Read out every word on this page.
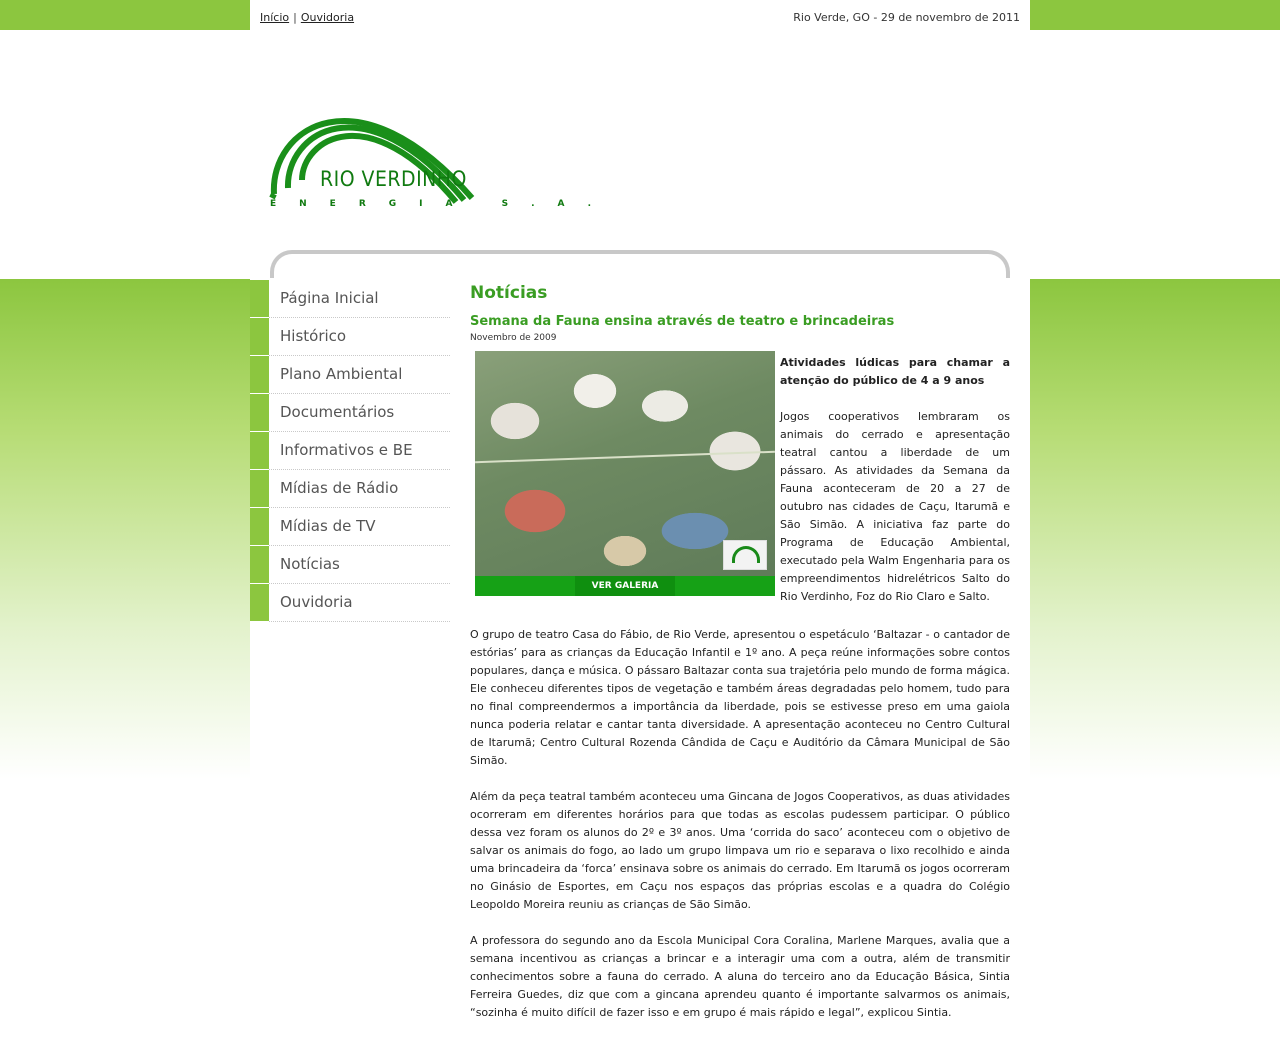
Início | Ouvidoria	Rio Verde, GO - 29 de novembro de 2011
RIO VERDINHO
ENERGIA S.A.
Página Inicial
Histórico
Plano Ambiental
Documentários
Informativos e BE
Mídias de Rádio
Mídias de TV
Notícias
Ouvidoria
Notícias
Semana da Fauna ensina através de teatro e brincadeiras
Novembro de 2009
VER GALERIA
Atividades lúdicas para chamar a atenção do público de 4 a 9 anos
Jogos cooperativos lembraram os animais do cerrado e apresentação teatral cantou a liberdade de um pássaro. As atividades da Semana da Fauna aconteceram de 20 a 27 de outubro nas cidades de Caçu, Itarumã e São Simão. A iniciativa faz parte do Programa de Educação Ambiental, executado pela Walm Engenharia para os empreendimentos hidrelétricos Salto do Rio Verdinho, Foz do Rio Claro e Salto.

O grupo de teatro Casa do Fábio, de Rio Verde, apresentou o espetáculo ‘Baltazar - o cantador de estórias’ para as crianças da Educação Infantil e 1º ano. A peça reúne informações sobre contos populares, dança e música. O pássaro Baltazar conta sua trajetória pelo mundo de forma mágica. Ele conheceu diferentes tipos de vegetação e também áreas degradadas pelo homem, tudo para no final compreendermos a importância da liberdade, pois se estivesse preso em uma gaiola nunca poderia relatar e cantar tanta diversidade. A apresentação aconteceu no Centro Cultural de Itarumã; Centro Cultural Rozenda Cândida de Caçu e Auditório da Câmara Municipal de São Simão.

Além da peça teatral também aconteceu uma Gincana de Jogos Cooperativos, as duas atividades ocorreram em diferentes horários para que todas as escolas pudessem participar. O público dessa vez foram os alunos do 2º e 3º anos. Uma ‘corrida do saco’ aconteceu com o objetivo de salvar os animais do fogo, ao lado um grupo limpava um rio e separava o lixo recolhido e ainda uma brincadeira da ‘forca’ ensinava sobre os animais do cerrado. Em Itarumã os jogos ocorreram no Ginásio de Esportes, em Caçu nos espaços das próprias escolas e a quadra do Colégio Leopoldo Moreira reuniu as crianças de São Simão.

A professora do segundo ano da Escola Municipal Cora Coralina, Marlene Marques, avalia que a semana incentivou as crianças a brincar e a interagir uma com a outra, além de transmitir conhecimentos sobre a fauna do cerrado. A aluna do terceiro ano da Educação Básica, Sintia Ferreira Guedes, diz que com a gincana aprendeu quanto é importante salvarmos os animais, “sozinha é muito difícil de fazer isso e em grupo é mais rápido e legal”, explicou Sintia.
